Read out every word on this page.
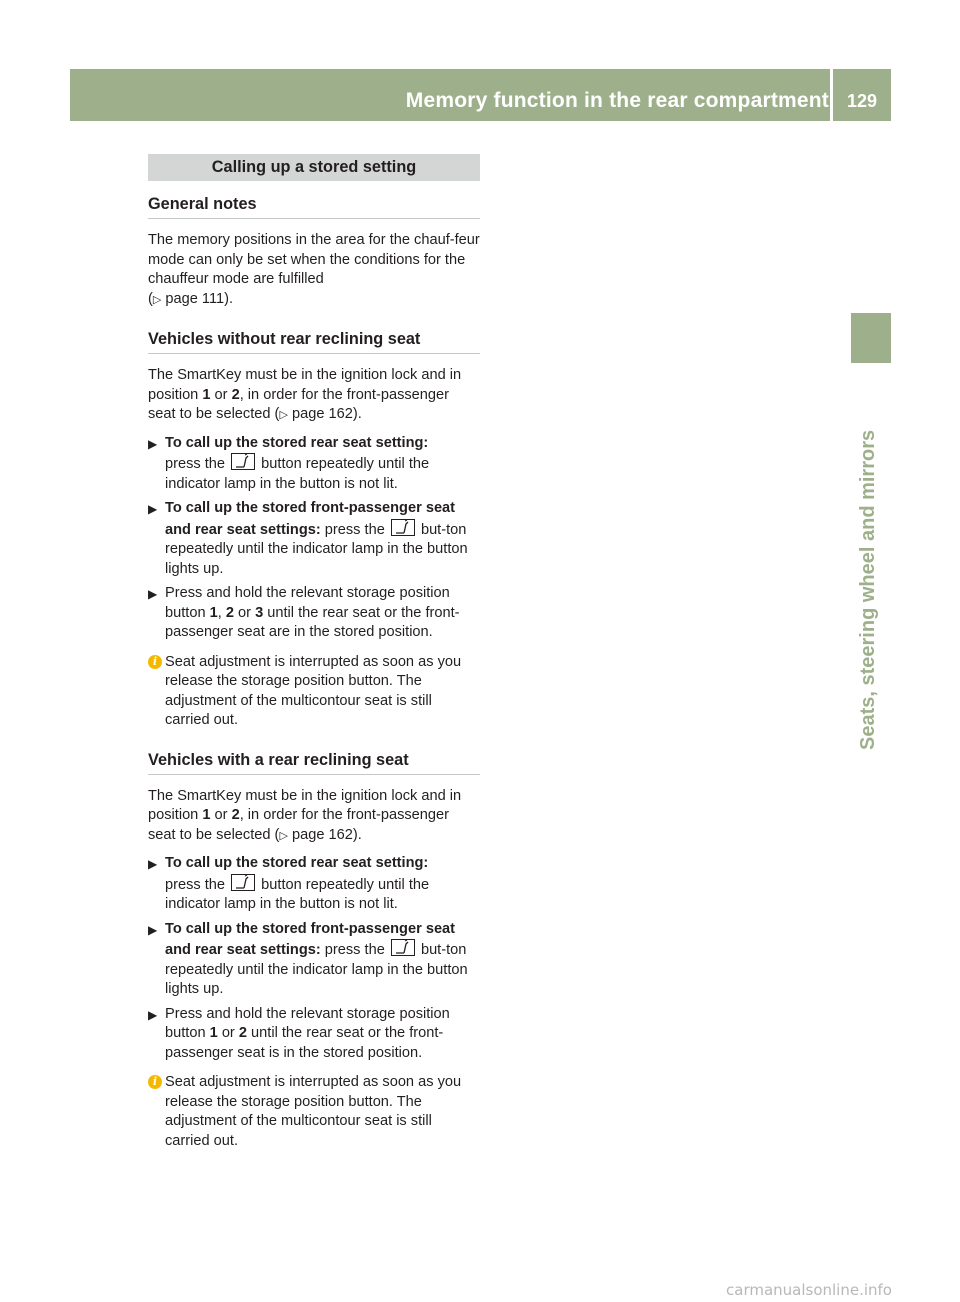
Memory function in the rear compartment 129
Seats, steering wheel and mirrors
Calling up a stored setting
General notes

The memory positions in the area for the chauf-feur mode can only be set when the conditions for the chauffeur mode are fulfilled
(▷ page 111).

Vehicles without rear reclining seat

The SmartKey must be in the ignition lock and in position 1 or 2, in order for the front-passenger seat to be selected (▷ page 162).

▶ To call up the stored rear seat setting:
press the button repeatedly until the indicator lamp in the button is not lit.
▶ To call up the stored front-passenger seat and rear seat settings: press the but-ton repeatedly until the indicator lamp in the button lights up.
▶ Press and hold the relevant storage position button 1, 2 or 3 until the rear seat or the front-passenger seat are in the stored position.
i Seat adjustment is interrupted as soon as you release the storage position button. The adjustment of the multicontour seat is still carried out.
Vehicles with a rear reclining seat

The SmartKey must be in the ignition lock and in position 1 or 2, in order for the front-passenger seat to be selected (▷ page 162).

▶ To call up the stored rear seat setting:
press the button repeatedly until the indicator lamp in the button is not lit.
▶ To call up the stored front-passenger seat and rear seat settings: press the but-ton repeatedly until the indicator lamp in the button lights up.
▶ Press and hold the relevant storage position button 1 or 2 until the rear seat or the front-passenger seat is in the stored position.
i Seat adjustment is interrupted as soon as you release the storage position button. The adjustment of the multicontour seat is still carried out.
carmanualsonline.info
